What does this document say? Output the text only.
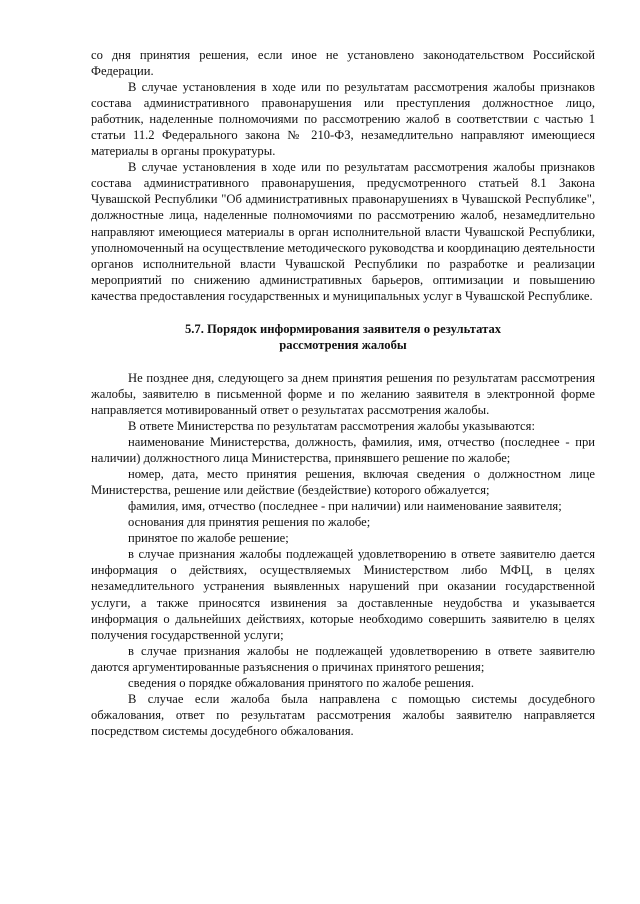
со дня принятия решения, если иное не установлено законодательством Российской Федерации.

В случае установления в ходе или по результатам рассмотрения жалобы признаков состава административного правонарушения или преступления должностное лицо, работник, наделенные полномочиями по рассмотрению жалоб в соответствии с частью 1 статьи 11.2 Федерального закона № 210-ФЗ, незамедлительно направляют имеющиеся материалы в органы прокуратуры.

В случае установления в ходе или по результатам рассмотрения жалобы признаков состава административного правонарушения, предусмотренного статьей 8.1 Закона Чувашской Республики "Об административных правонарушениях в Чувашской Республике", должностные лица, наделенные полномочиями по рассмотрению жалоб, незамедлительно направляют имеющиеся материалы в орган исполнительной власти Чувашской Республики, уполномоченный на осуществление методического руководства и координацию деятельности органов исполнительной власти Чувашской Республики по разработке и реализации мероприятий по снижению административных барьеров, оптимизации и повышению качества предоставления государственных и муниципальных услуг в Чувашской Республике.

5.7. Порядок информирования заявителя о результатах
рассмотрения жалобы

Не позднее дня, следующего за днем принятия решения по результатам рассмотрения жалобы, заявителю в письменной форме и по желанию заявителя в электронной форме направляется мотивированный ответ о результатах рассмотрения жалобы.

В ответе Министерства по результатам рассмотрения жалобы указываются:

наименование Министерства, должность, фамилия, имя, отчество (последнее - при наличии) должностного лица Министерства, принявшего решение по жалобе;

номер, дата, место принятия решения, включая сведения о должностном лице Министерства, решение или действие (бездействие) которого обжалуется;

фамилия, имя, отчество (последнее - при наличии) или наименование заявителя;

основания для принятия решения по жалобе;

принятое по жалобе решение;

в случае признания жалобы подлежащей удовлетворению в ответе заявителю дается информация о действиях, осуществляемых Министерством либо МФЦ, в целях незамедлительного устранения выявленных нарушений при оказании государственной услуги, а также приносятся извинения за доставленные неудобства и указывается информация о дальнейших действиях, которые необходимо совершить заявителю в целях получения государственной услуги;

в случае признания жалобы не подлежащей удовлетворению в ответе заявителю даются аргументированные разъяснения о причинах принятого решения;

сведения о порядке обжалования принятого по жалобе решения.

В случае если жалоба была направлена с помощью системы досудебного обжалования, ответ по результатам рассмотрения жалобы заявителю направляется посредством системы досудебного обжалования.
